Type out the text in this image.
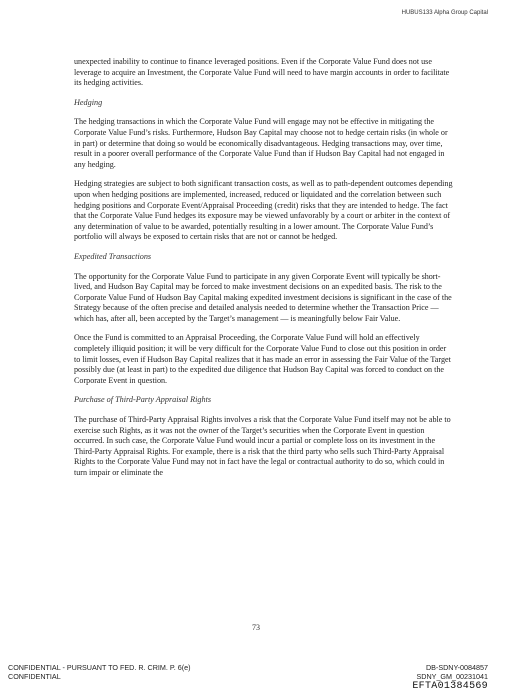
HUBUS133 Alpha Group Capital

unexpected inability to continue to finance leveraged positions. Even if the Corporate Value Fund does not use leverage to acquire an Investment, the Corporate Value Fund will need to have margin accounts in order to facilitate its hedging activities.

Hedging

The hedging transactions in which the Corporate Value Fund will engage may not be effective in mitigating the Corporate Value Fund’s risks. Furthermore, Hudson Bay Capital may choose not to hedge certain risks (in whole or in part) or determine that doing so would be economically disadvantageous. Hedging transactions may, over time, result in a poorer overall performance of the Corporate Value Fund than if Hudson Bay Capital had not engaged in any hedging.

Hedging strategies are subject to both significant transaction costs, as well as to path-dependent outcomes depending upon when hedging positions are implemented, increased, reduced or liquidated and the correlation between such hedging positions and Corporate Event/Appraisal Proceeding (credit) risks that they are intended to hedge. The fact that the Corporate Value Fund hedges its exposure may be viewed unfavorably by a court or arbiter in the context of any determination of value to be awarded, potentially resulting in a lower amount. The Corporate Value Fund’s portfolio will always be exposed to certain risks that are not or cannot be hedged.

Expedited Transactions

The opportunity for the Corporate Value Fund to participate in any given Corporate Event will typically be short-lived, and Hudson Bay Capital may be forced to make investment decisions on an expedited basis. The risk to the Corporate Value Fund of Hudson Bay Capital making expedited investment decisions is significant in the case of the Strategy because of the often precise and detailed analysis needed to determine whether the Transaction Price — which has, after all, been accepted by the Target’s management — is meaningfully below Fair Value.

Once the Fund is committed to an Appraisal Proceeding, the Corporate Value Fund will hold an effectively completely illiquid position; it will be very difficult for the Corporate Value Fund to close out this position in order to limit losses, even if Hudson Bay Capital realizes that it has made an error in assessing the Fair Value of the Target possibly due (at least in part) to the expedited due diligence that Hudson Bay Capital was forced to conduct on the Corporate Event in question.

Purchase of Third-Party Appraisal Rights

The purchase of Third-Party Appraisal Rights involves a risk that the Corporate Value Fund itself may not be able to exercise such Rights, as it was not the owner of the Target’s securities when the Corporate Event in question occurred. In such case, the Corporate Value Fund would incur a partial or complete loss on its investment in the Third-Party Appraisal Rights. For example, there is a risk that the third party who sells such Third-Party Appraisal Rights to the Corporate Value Fund may not in fact have the legal or contractual authority to do so, which could in turn impair or eliminate the

73
CONFIDENTIAL - PURSUANT TO FED. R. CRIM. P. 6(e)
CONFIDENTIAL
DB-SDNY-0084857
SDNY_GM_00231041
EFTA01384569
